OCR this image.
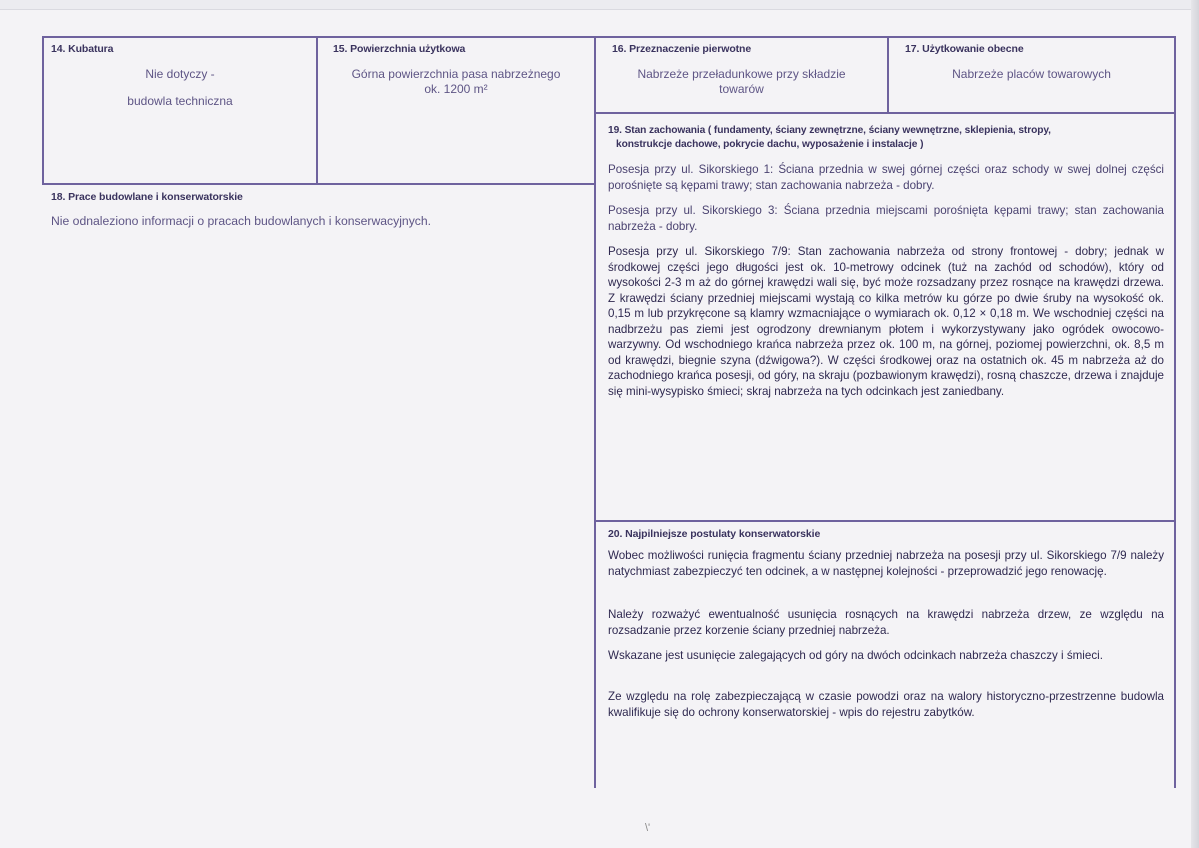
14. Kubatura
Nie dotyczy -
budowla techniczna
15. Powierzchnia użytkowa
Górna powierzchnia pasa nabrzeżnego
ok. 1200 m²
16. Przeznaczenie pierwotne
Nabrzeże przeładunkowe przy składzie
towarów
17. Użytkowanie obecne
Nabrzeże placów towarowych
18. Prace budowlane i konserwatorskie
Nie odnaleziono informacji o pracach budowlanych i konserwacyjnych.
19. Stan zachowania ( fundamenty, ściany zewnętrzne, ściany wewnętrzne, sklepienia, stropy,
konstrukcje dachowe, pokrycie dachu, wyposażenie i instalacje )
Posesja przy ul. Sikorskiego 1: Ściana przednia w swej górnej części oraz schody w swej dolnej części porośnięte są kępami trawy; stan zachowania nabrzeża - dobry.
Posesja przy ul. Sikorskiego 3: Ściana przednia miejscami porośnięta kępami trawy; stan zachowania nabrzeża - dobry.
Posesja przy ul. Sikorskiego 7/9: Stan zachowania nabrzeża od strony frontowej - dobry; jednak w środkowej części jego długości jest ok. 10-metrowy odcinek (tuż na zachód od schodów), który od wysokości 2-3 m aż do górnej krawędzi wali się, być może rozsadzany przez rosnące na krawędzi drzewa. Z krawędzi ściany przedniej miejscami wystają co kilka metrów ku górze po dwie śruby na wysokość ok. 0,15 m lub przykręcone są klamry wzmacniające o wymiarach ok. 0,12 × 0,18 m. We wschodniej części na nadbrzeżu pas ziemi jest ogrodzony drewnianym płotem i wykorzystywany jako ogródek owocowo-warzywny. Od wschodniego krańca nabrzeża przez ok. 100 m, na górnej, poziomej powierzchni, ok. 8,5 m od krawędzi, biegnie szyna (dźwigowa?). W części środkowej oraz na ostatnich ok. 45 m nabrzeża aż do zachodniego krańca posesji, od góry, na skraju (pozbawionym krawędzi), rosną chaszcze, drzewa i znajduje się mini-wysypisko śmieci; skraj nabrzeża na tych odcinkach jest zaniedbany.
20. Najpilniejsze postulaty konserwatorskie
Wobec możliwości runięcia fragmentu ściany przedniej nabrzeża na posesji przy ul. Sikorskiego 7/9 należy natychmiast zabezpieczyć ten odcinek, a w następnej kolejności - przeprowadzić jego renowację.
Należy rozważyć ewentualność usunięcia rosnących na krawędzi nabrzeża drzew, ze względu na rozsadzanie przez korzenie ściany przedniej nabrzeża.
Wskazane jest usunięcie zalegających od góry na dwóch odcinkach nabrzeża chaszczy i śmieci.
Ze względu na rolę zabezpieczającą w czasie powodzi oraz na walory historyczno-przestrzenne budowla kwalifikuje się do ochrony konserwatorskiej - wpis do rejestru zabytków.
\'
